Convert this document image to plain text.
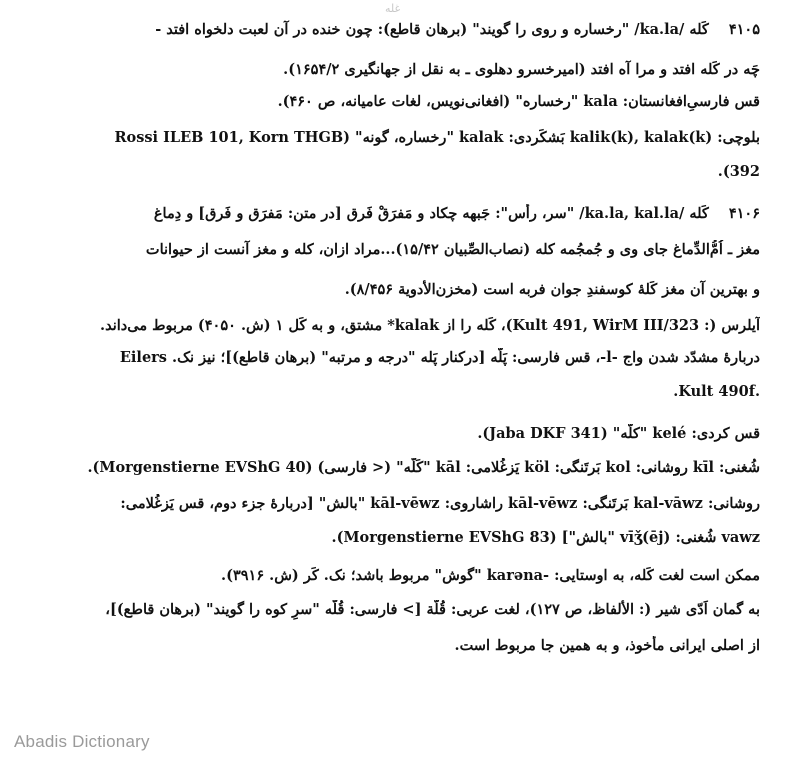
غله
۴۱۰۵
کَله /ka.la/ "رخساره و روی را گویند" (برهان قاطع): چون خنده در آن لعبت دلخواه افتد -
چَه در کَله افتد و مرا آه افتد (امیرخسرو دهلوی ـ به نقل از جهانگیری ۱۶۵۴/۲).
قس فارسیِ‌افغانستان: kala "رخساره" (افغانی‌نویس، لغات عامیانه، ص ۴۶۰).
بلوچی: kalik(k), kalak(k) بَشکَردی: kalak "رخساره، گونه" (Rossi ILEB 101, Korn THGB
392).
۴۱۰۶
کَله /ka.la, kal.la/ "سر، رأس": جَبهه چکاد و مَفرَقْ فَرق [در متن: مَفرَق و فَرق] و دِماغ
مغز ـ اُمُّ‌الدِّماغ جای وی و جُمجُمه کله (نصاب‌الصِّبیان ۱۵/۴۲)...مراد ازان، کله و مغز آنست از حیوانات
و بهترین آن مغز کَلهٔ کوسفندِ جوان فربه است (مخزن‌الأدویة ۸/۴۵۶).
آیلرس (: Kult 491, WirM III/323)، کَله را از kalak* مشتق، و به کَل ۱ (ش. ۴۰۵۰) مربوط می‌داند.
دربارهٔ مشدّد شدن واج -l-، قس فارسی: پَلّه [درکنار پَله "درجه و مرتبه" (برهان قاطع)]؛ نیز نک. Eilers
.Kult 490f.
قس کردی: kelé "کلّه" (Jaba DKF 341).
شُغنی: kīl روشانی: kol بَرتَنگی: köl یَزغُلامی: kāl "کَلّه" (< فارسی) (Morgenstierne EVShG 40).
روشانی: kal-vāwz بَرتَنگی: kāl-vēwz راشاروی: kāl-vēwz "بالش" [دربارهٔ جزء دوم، قس یَزغُلامی:
vawz شُغنی: vīǯ(ēj) "بالش"] (Morgenstierne EVShG 83).
ممکن است لغت کَله، به اوستایی: -karəna "گوش" مربوط باشد؛ نک. کَر (ش. ۳۹۱۶).
به گمان اَدّی شیر (: الألفاظ، ص ۱۲۷)، لغت عربی: قُلَّة [> فارسی: قُلّه "سرِ کوه را گویند" (برهان قاطع)]،
از اصلی ایرانی مأخوذ، و به همین جا مربوط است.
Abadis Dictionary
